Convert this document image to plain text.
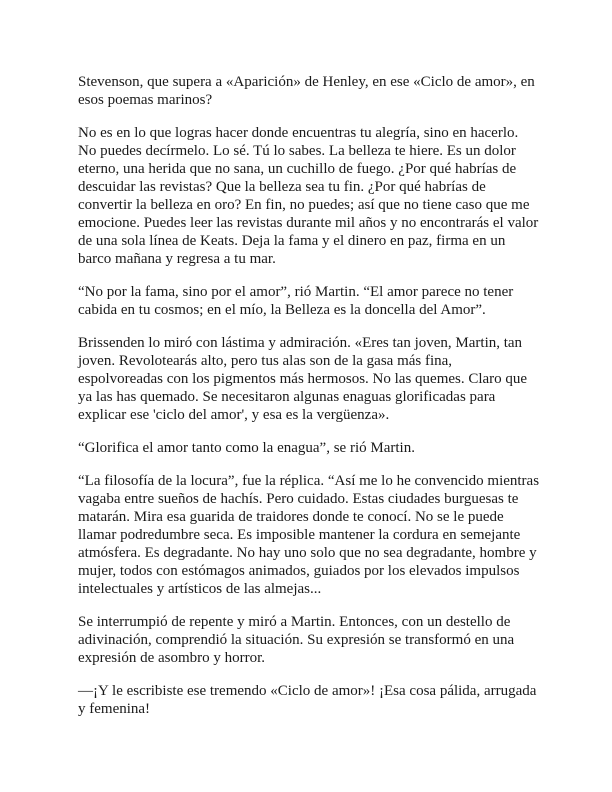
Stevenson, que supera a «Aparición» de Henley, en ese «Ciclo de amor», en esos poemas marinos?

No es en lo que logras hacer donde encuentras tu alegría, sino en hacerlo. No puedes decírmelo. Lo sé. Tú lo sabes. La belleza te hiere. Es un dolor eterno, una herida que no sana, un cuchillo de fuego. ¿Por qué habrías de descuidar las revistas? Que la belleza sea tu fin. ¿Por qué habrías de convertir la belleza en oro? En fin, no puedes; así que no tiene caso que me emocione. Puedes leer las revistas durante mil años y no encontrarás el valor de una sola línea de Keats. Deja la fama y el dinero en paz, firma en un barco mañana y regresa a tu mar.

“No por la fama, sino por el amor”, rió Martin. “El amor parece no tener cabida en tu cosmos; en el mío, la Belleza es la doncella del Amor”.

Brissenden lo miró con lástima y admiración. «Eres tan joven, Martin, tan joven. Revolotearás alto, pero tus alas son de la gasa más fina, espolvoreadas con los pigmentos más hermosos. No las quemes. Claro que ya las has quemado. Se necesitaron algunas enaguas glorificadas para explicar ese 'ciclo del amor', y esa es la vergüenza».

“Glorifica el amor tanto como la enagua”, se rió Martin.

“La filosofía de la locura”, fue la réplica. “Así me lo he convencido mientras vagaba entre sueños de hachís. Pero cuidado. Estas ciudades burguesas te matarán. Mira esa guarida de traidores donde te conocí. No se le puede llamar podredumbre seca. Es imposible mantener la cordura en semejante atmósfera. Es degradante. No hay uno solo que no sea degradante, hombre y mujer, todos con estómagos animados, guiados por los elevados impulsos intelectuales y artísticos de las almejas...

Se interrumpió de repente y miró a Martin. Entonces, con un destello de adivinación, comprendió la situación. Su expresión se transformó en una expresión de asombro y horror.

—¡Y le escribiste ese tremendo «Ciclo de amor»! ¡Esa cosa pálida, arrugada y femenina!
